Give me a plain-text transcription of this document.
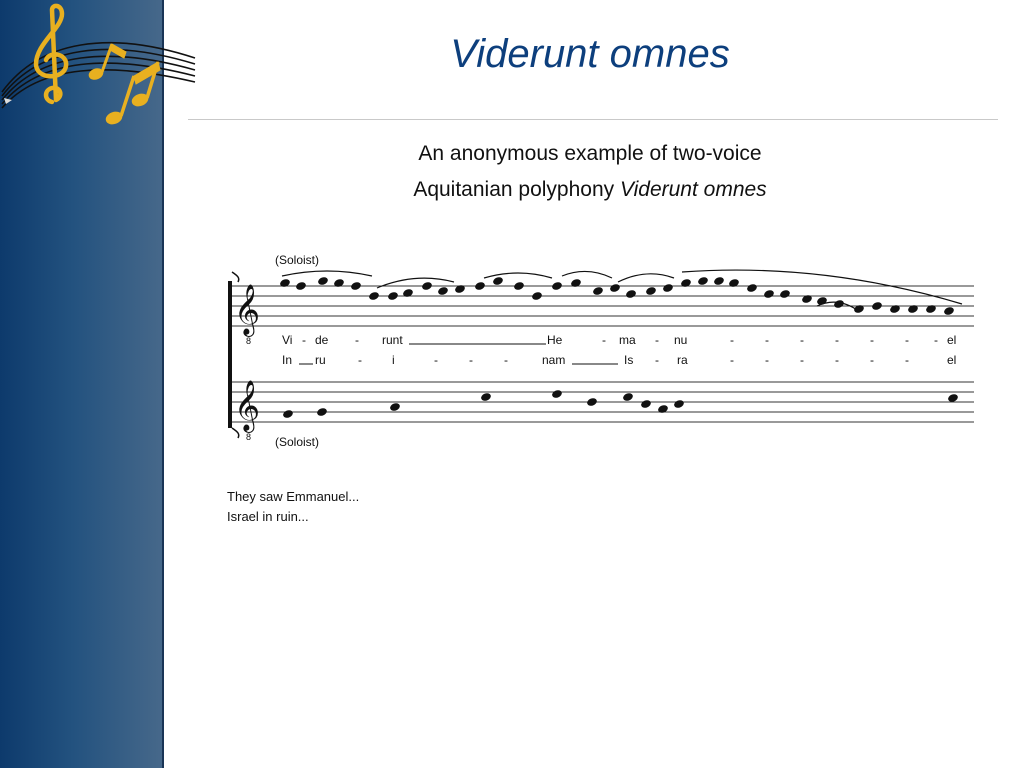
Viderunt omnes
An anonymous example of two-voice
Aquitanian polyphony Viderunt omnes
(Soloist)
𝄞
8	Vi - de - runt	He	- ma - nu	-	-	-	-	-	- - el
In ru	-	i	-	-	-	nam	Is - ra	-	-	-	-	-	-	el
𝄞
8 (Soloist)
They saw Emmanuel...
Israel in ruin...
